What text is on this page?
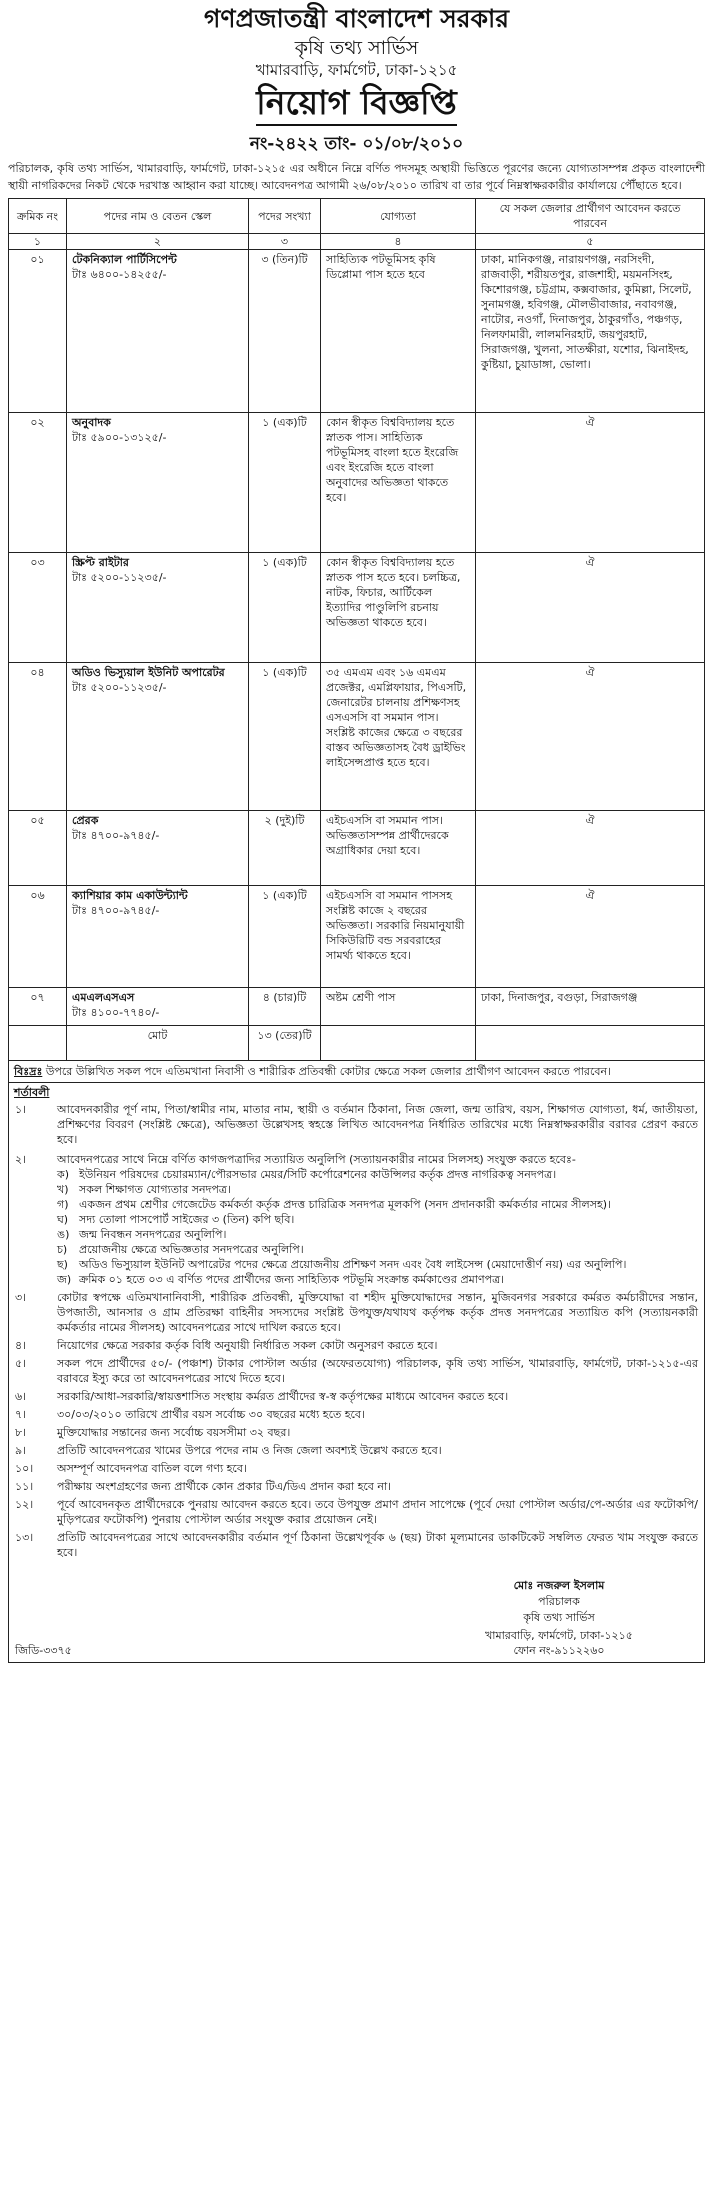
গণপ্রজাতন্ত্রী বাংলাদেশ সরকার
কৃষি তথ্য সার্ভিস
খামারবাড়ি, ফার্মগেট, ঢাকা-১২১৫
নিয়োগ বিজ্ঞপ্তি
নং-২৪২২ তাং- ০১/০৮/২০১০
পরিচালক, কৃষি তথ্য সার্ভিস, খামারবাড়ি, ফার্মগেট, ঢাকা-১২১৫ এর অধীনে নিম্নে বর্ণিত পদসমূহ অস্থায়ী ভিত্তিতে পূরণের জন্যে যোগ্যতাসম্পন্ন প্রকৃত বাংলাদেশী স্থায়ী নাগরিকদের নিকট থেকে দরখাস্ত আহ্বান করা যাচ্ছে। আবেদনপত্র আগামী ২৬/০৮/২০১০ তারিখ বা তার পূর্বে নিম্নস্বাক্ষরকারীর কার্যালয়ে পৌঁছাতে হবে।
ক্রমিক নং	পদের নাম ও বেতন স্কেল	পদের সংখ্যা	যোগ্যতা	যে সকল জেলার প্রার্থীগণ আবেদন করতে পারবেন
১	২	৩	৪	৫
০১	টেকনিক্যাল পার্টিসিপেন্ট
টাঃ ৬৪০০-১৪২৫৫/-	৩ (তিন)টি	সাহিত্যিক পটভূমিসহ কৃষি ডিপ্লোমা পাস হতে হবে	ঢাকা, মানিকগঞ্জ, নারায়ণগঞ্জ, নরসিংদী, রাজবাড়ী, শরীয়তপুর, রাজশাহী, ময়মনসিংহ, কিশোরগঞ্জ, চট্টগ্রাম, কক্সবাজার, কুমিল্লা, সিলেট, সুনামগঞ্জ, হবিগঞ্জ, মৌলভীবাজার, নবাবগঞ্জ, নাটোর, নওগাঁ, দিনাজপুর, ঠাকুরগাঁও, পঞ্চগড়, নিলফামারী, লালমনিরহাট, জয়পুরহাট, সিরাজগঞ্জ, খুলনা, সাতক্ষীরা, যশোর, ঝিনাইদহ, কুষ্টিয়া, চুয়াডাঙ্গা, ভোলা।
০২	অনুবাদক
টাঃ ৫৯০০-১৩১২৫/-	১ (এক)টি	কোন স্বীকৃত বিশ্ববিদ্যালয় হতে স্নাতক পাস। সাহিত্যিক পটভূমিসহ বাংলা হতে ইংরেজি এবং ইংরেজি হতে বাংলা অনুবাদের অভিজ্ঞতা থাকতে হবে।	ঐ
০৩	স্ক্রিপ্ট রাইটার
টাঃ ৫২০০-১১২৩৫/-	১ (এক)টি	কোন স্বীকৃত বিশ্ববিদ্যালয় হতে স্নাতক পাস হতে হবে। চলচ্চিত্র, নাটক, ফিচার, আর্টিকেল ইত্যাদির পাণ্ডুলিপি রচনায় অভিজ্ঞতা থাকতে হবে।	ঐ
০৪	অডিও ভিস্যুয়াল ইউনিট অপারেটর
টাঃ ৫২০০-১১২৩৫/-	১ (এক)টি	৩৫ এমএম এবং ১৬ এমএম প্রজেক্টর, এমপ্লিফায়ার, পিএসটি, জেনারেটর চালনায় প্রশিক্ষণসহ এসএসসি বা সমমান পাস। সংশ্লিষ্ট কাজের ক্ষেত্রে ৩ বছরের বাস্তব অভিজ্ঞতাসহ বৈধ ড্রাইভিং লাইসেন্সপ্রাপ্ত হতে হবে।	ঐ
০৫	প্রেরক
টাঃ ৪৭০০-৯৭৪৫/-	২ (দুই)টি	এইচএসসি বা সমমান পাস। অভিজ্ঞতাসম্পন্ন প্রার্থীদেরকে অগ্রাধিকার দেয়া হবে।	ঐ
০৬	ক্যাশিয়ার কাম একাউন্ট্যান্ট
টাঃ ৪৭০০-৯৭৪৫/-	১ (এক)টি	এইচএসসি বা সমমান পাসসহ সংশ্লিষ্ট কাজে ২ বছরের অভিজ্ঞতা। সরকারি নিয়মানুযায়ী সিকিউরিটি বন্ড সরবরাহের সামর্থ্য থাকতে হবে।	ঐ
০৭	এমএলএসএস
টাঃ ৪১০০-৭৭৪০/-	৪ (চার)টি	অষ্টম শ্রেণী পাস	ঢাকা, দিনাজপুর, বগুড়া, সিরাজগঞ্জ
	মোট	১৩ (তের)টি		
বিঃদ্রঃ উপরে উল্লিখিত সকল পদে এতিমখানা নিবাসী ও শারীরিক প্রতিবন্ধী কোটার ক্ষেত্রে সকল জেলার প্রার্থীগণ আবেদন করতে পারবেন।
শর্তাবলী
১।	আবেদনকারীর পূর্ণ নাম, পিতা/স্বামীর নাম, মাতার নাম, স্থায়ী ও বর্তমান ঠিকানা, নিজ জেলা, জন্ম তারিখ, বয়স, শিক্ষাগত যোগ্যতা, ধর্ম, জাতীয়তা, প্রশিক্ষণের বিবরণ (সংশ্লিষ্ট ক্ষেত্রে), অভিজ্ঞতা উল্লেখসহ স্বহস্তে লিখিত আবেদনপত্র নির্ধারিত তারিখের মধ্যে নিম্নস্বাক্ষরকারীর বরাবর প্রেরণ করতে হবে।
২।	আবেদনপত্রের সাথে নিম্নে বর্ণিত কাগজপত্রাদির সত্যায়িত অনুলিপি (সত্যায়নকারীর নামের সিলসহ) সংযুক্ত করতে হবেঃ-
ক) ইউনিয়ন পরিষদের চেয়ারম্যান/পৌরসভার মেয়র/সিটি কর্পোরেশনের কাউন্সিলর কর্তৃক প্রদত্ত নাগরিকত্ব সনদপত্র।
খ) সকল শিক্ষাগত যোগ্যতার সনদপত্র।
গ) একজন প্রথম শ্রেণীর গেজেটেড কর্মকর্তা কর্তৃক প্রদত্ত চারিত্রিক সনদপত্র মূলকপি (সনদ প্রদানকারী কর্মকর্তার নামের সীলসহ)।
ঘ) সদ্য তোলা পাসপোর্ট সাইজের ৩ (তিন) কপি ছবি।
ঙ) জন্ম নিবন্ধন সনদপত্রের অনুলিপি।
চ)	প্রয়োজনীয় ক্ষেত্রে অভিজ্ঞতার সনদপত্রের অনুলিপি।
ছ)	অডিও ভিস্যুয়াল ইউনিট অপারেটর পদের ক্ষেত্রে প্রয়োজনীয় প্রশিক্ষণ সনদ এবং বৈধ লাইসেন্স (মেয়াদোত্তীর্ণ নয়) এর অনুলিপি।
জ) ক্রমিক ০১ হতে ০৩ এ বর্ণিত পদের প্রার্থীদের জন্য সাহিত্যিক পটভূমি সংক্রান্ত কর্মকাণ্ডের প্রমাণপত্র।
৩।	কোটার স্বপক্ষে এতিমখানানিবাসী, শারীরিক প্রতিবন্ধী, মুক্তিযোদ্ধা বা শহীদ মুক্তিযোদ্ধাদের সন্তান, মুজিবনগর সরকারে কর্মরত কর্মচারীদের সন্তান, উপজাতী, আনসার ও গ্রাম প্রতিরক্ষা বাহিনীর সদস্যদের সংশ্লিষ্ট উপযুক্ত/যথাযথ কর্তৃপক্ষ কর্তৃক প্রদত্ত সনদপত্রের সত্যায়িত কপি (সত্যায়নকারী কর্মকর্তার নামের সীলসহ) আবেদনপত্রের সাথে দাখিল করতে হবে।
৪।	নিয়োগের ক্ষেত্রে সরকার কর্তৃক বিধি অনুযায়ী নির্ধারিত সকল কোটা অনুসরণ করতে হবে।
৫।	সকল পদে প্রার্থীদের ৫০/- (পঞ্চাশ) টাকার পোস্টাল অর্ডার (অফেরতযোগ্য) পরিচালক, কৃষি তথ্য সার্ভিস, খামারবাড়ি, ফার্মগেট, ঢাকা-১২১৫-এর বরাবরে ইস্যু করে তা আবেদনপত্রের সাথে দিতে হবে।
৬।	সরকারি/আধা-সরকারি/স্বায়ত্তশাসিত সংস্থায় কর্মরত প্রার্থীদের স্ব-স্ব কর্তৃপক্ষের মাধ্যমে আবেদন করতে হবে।
৭।	৩০/০৩/২০১০ তারিখে প্রার্থীর বয়স সর্বোচ্চ ৩০ বছরের মধ্যে হতে হবে।
৮।	মুক্তিযোদ্ধার সন্তানের জন্য সর্বোচ্চ বয়সসীমা ৩২ বছর।
৯।	প্রতিটি আবেদনপত্রের খামের উপরে পদের নাম ও নিজ জেলা অবশ্যই উল্লেখ করতে হবে।
১০।	অসম্পূর্ণ আবেদনপত্র বাতিল বলে গণ্য হবে।
১১।	পরীক্ষায় অংশগ্রহণের জন্য প্রার্থীকে কোন প্রকার টিএ/ডিএ প্রদান করা হবে না।
১২।	পূর্বে আবেদনকৃত প্রার্থীদেরকে পুনরায় আবেদন করতে হবে। তবে উপযুক্ত প্রমাণ প্রদান সাপেক্ষে (পূর্বে দেয়া পোস্টাল অর্ডার/পে-অর্ডার এর ফটোকপি/মুড়িপত্রের ফটোকপি) পুনরায় পোস্টাল অর্ডার সংযুক্ত করার প্রয়োজন নেই।
১৩।	প্রতিটি আবেদনপত্রের সাথে আবেদনকারীর বর্তমান পূর্ণ ঠিকানা উল্লেখপূর্বক ৬ (ছয়) টাকা মূল্যমানের ডাকটিকেট সম্বলিত ফেরত খাম সংযুক্ত করতে হবে।
মোঃ নজরুল ইসলাম
পরিচালক
কৃষি তথ্য সার্ভিস
জিডি-৩৩৭৫
খামারবাড়ি, ফার্মগেট, ঢাকা-১২১৫
ফোন নং-৯১১২২৬০
